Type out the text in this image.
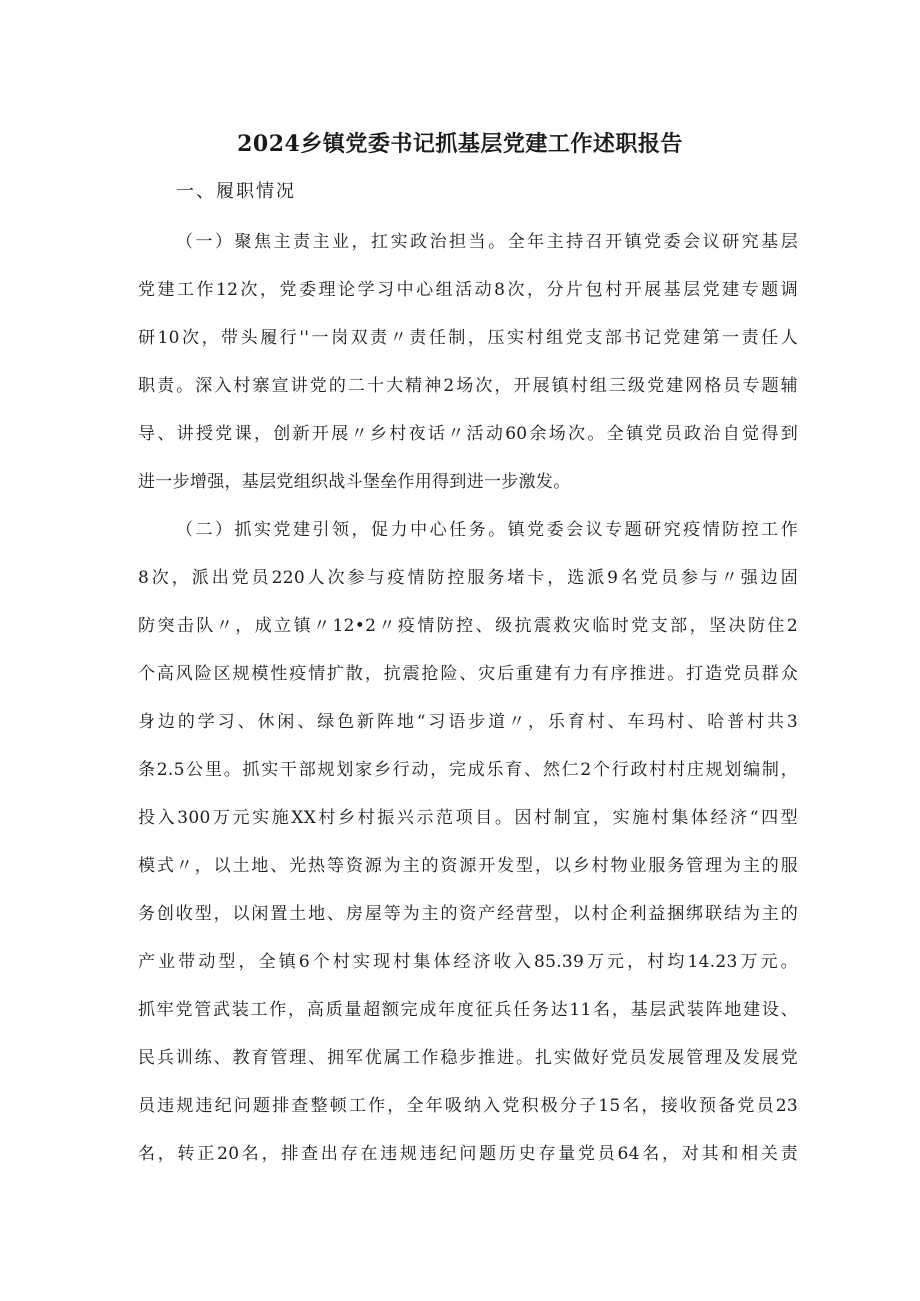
2024乡镇党委书记抓基层党建工作述职报告
一、履职情况
（一）聚焦主责主业，扛实政治担当。全年主持召开镇党委会议研究基层
党建工作12次，党委理论学习中心组活动8次，分片包村开展基层党建专题调
研10次，带头履行''一岗双责〃责任制，压实村组党支部书记党建第一责任人
职责。深入村寨宣讲党的二十大精神2场次，开展镇村组三级党建网格员专题辅
导、讲授党课，创新开展〃乡村夜话〃活动60余场次。全镇党员政治自觉得到
进一步增强，基层党组织战斗堡垒作用得到进一步激发。
（二）抓实党建引领，促力中心任务。镇党委会议专题研究疫情防控工作
8次，派出党员220人次参与疫情防控服务堵卡，选派9名党员参与〃强边固
防突击队〃，成立镇〃12•2〃疫情防控、级抗震救灾临时党支部，坚决防住2
个高风险区规模性疫情扩散，抗震抢险、灾后重建有力有序推进。打造党员群众
身边的学习、休闲、绿色新阵地“习语步道〃，乐育村、车玛村、哈普村共3
条2.5公里。抓实干部规划家乡行动，完成乐育、然仁2个行政村村庄规划编制，
投入300万元实施XX村乡村振兴示范项目。因村制宜，实施村集体经济“四型
模式〃，以土地、光热等资源为主的资源开发型，以乡村物业服务管理为主的服
务创收型，以闲置土地、房屋等为主的资产经营型，以村企利益捆绑联结为主的
产业带动型，全镇6个村实现村集体经济收入85.39万元，村均14.23万元。
抓牢党管武装工作，高质量超额完成年度征兵任务达11名，基层武装阵地建设、
民兵训练、教育管理、拥军优属工作稳步推进。扎实做好党员发展管理及发展党
员违规违纪问题排查整顿工作，全年吸纳入党积极分子15名，接收预备党员23
名，转正20名，排查出存在违规违纪问题历史存量党员64名，对其和相关责
